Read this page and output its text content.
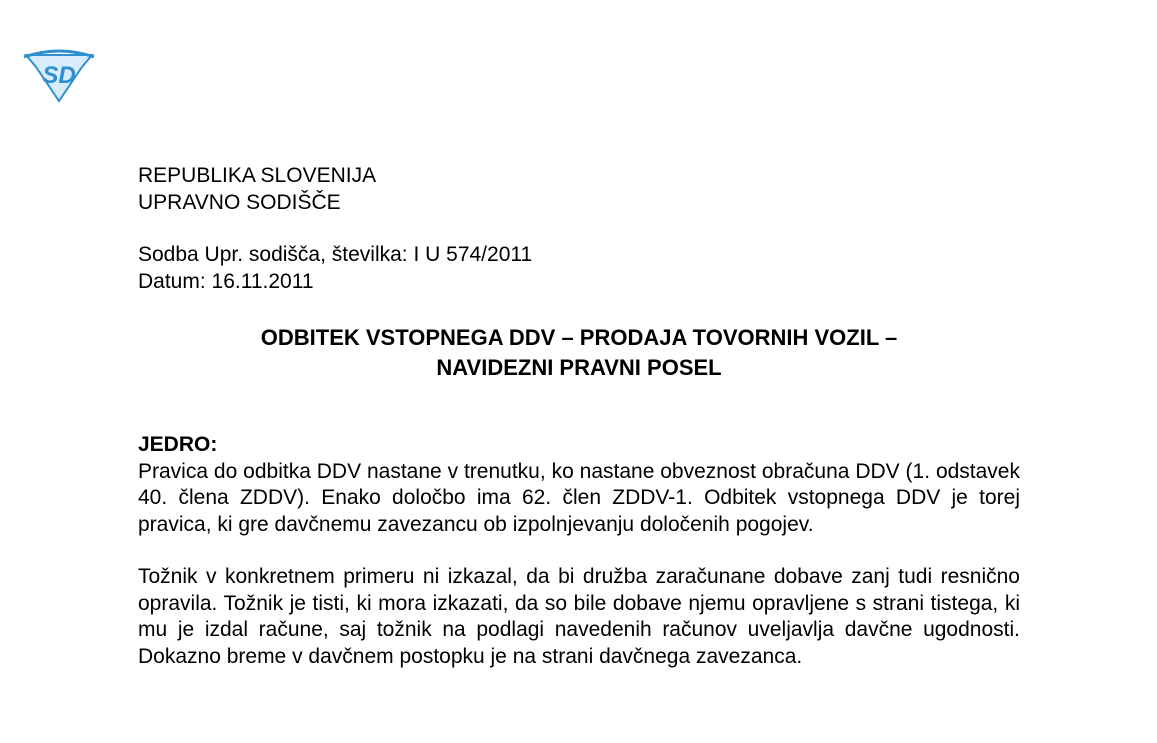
SD
REPUBLIKA SLOVENIJA
UPRAVNO SODIŠČE
Sodba Upr. sodišča, številka: I U 574/2011
Datum: 16.11.2011
ODBITEK VSTOPNEGA DDV – PRODAJA TOVORNIH VOZIL –
NAVIDEZNI PRAVNI POSEL
JEDRO:

Pravica do odbitka DDV nastane v trenutku, ko nastane obveznost obračuna DDV (1. odstavek 40. člena ZDDV). Enako določbo ima 62. člen ZDDV-1. Odbitek vstopnega DDV je torej pravica, ki gre davčnemu zavezancu ob izpolnjevanju določenih pogojev.

Tožnik v konkretnem primeru ni izkazal, da bi družba zaračunane dobave zanj tudi resnično opravila. Tožnik je tisti, ki mora izkazati, da so bile dobave njemu opravljene s strani tistega, ki mu je izdal račune, saj tožnik na podlagi navedenih računov uveljavlja davčne ugodnosti. Dokazno breme v davčnem postopku je na strani davčnega zavezanca.
